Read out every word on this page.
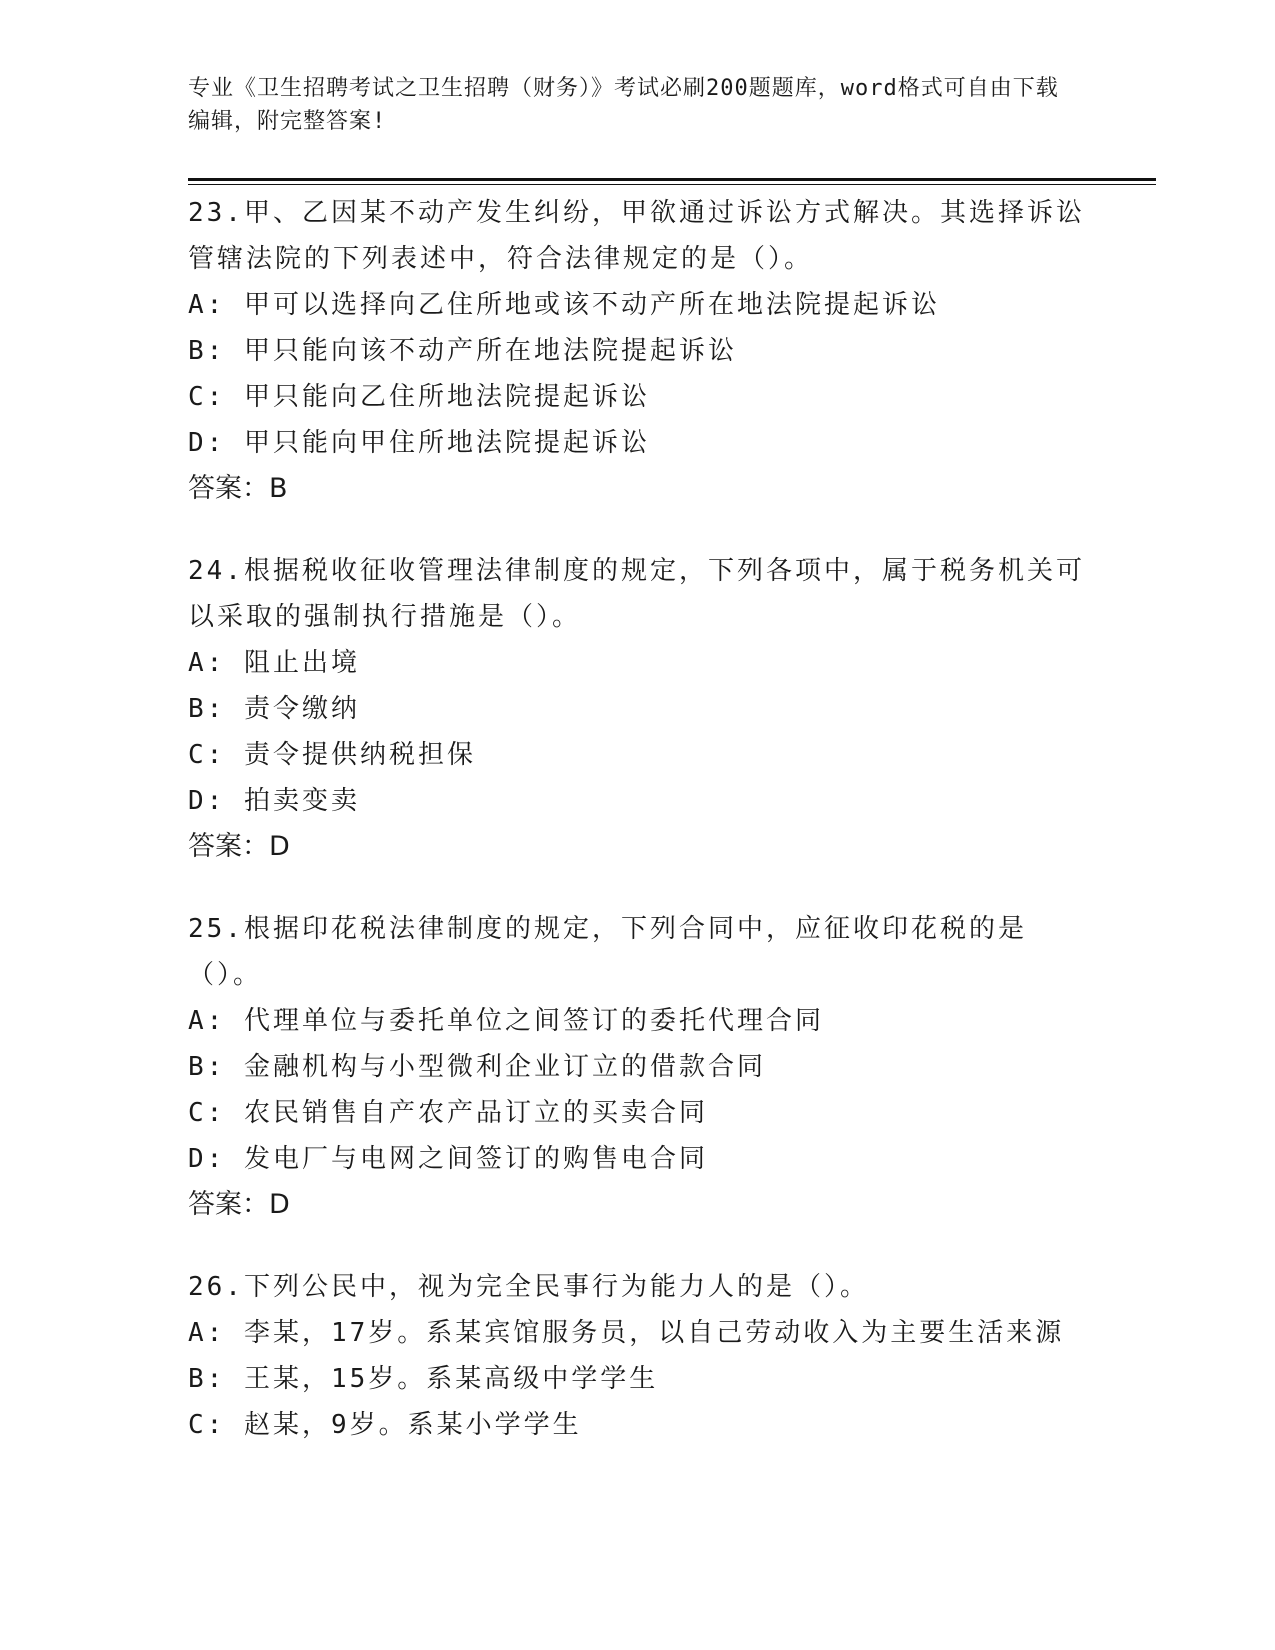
专业《卫生招聘考试之卫生招聘（财务）》考试必刷200题题库，word格式可自由下载编辑，附完整答案!
23.甲、乙因某不动产发生纠纷，甲欲通过诉讼方式解决。其选择诉讼管辖法院的下列表述中，符合法律规定的是（）。
A: 甲可以选择向乙住所地或该不动产所在地法院提起诉讼
B: 甲只能向该不动产所在地法院提起诉讼
C: 甲只能向乙住所地法院提起诉讼
D: 甲只能向甲住所地法院提起诉讼
答案：B
24.根据税收征收管理法律制度的规定，下列各项中，属于税务机关可以采取的强制执行措施是（）。
A: 阻止出境
B: 责令缴纳
C: 责令提供纳税担保
D: 拍卖变卖
答案：D
25.根据印花税法律制度的规定，下列合同中，应征收印花税的是（）。
A: 代理单位与委托单位之间签订的委托代理合同
B: 金融机构与小型微利企业订立的借款合同
C: 农民销售自产农产品订立的买卖合同
D: 发电厂与电网之间签订的购售电合同
答案：D
26.下列公民中，视为完全民事行为能力人的是（）。
A: 李某，17岁。系某宾馆服务员，以自己劳动收入为主要生活来源
B: 王某，15岁。系某高级中学学生
C: 赵某，9岁。系某小学学生
